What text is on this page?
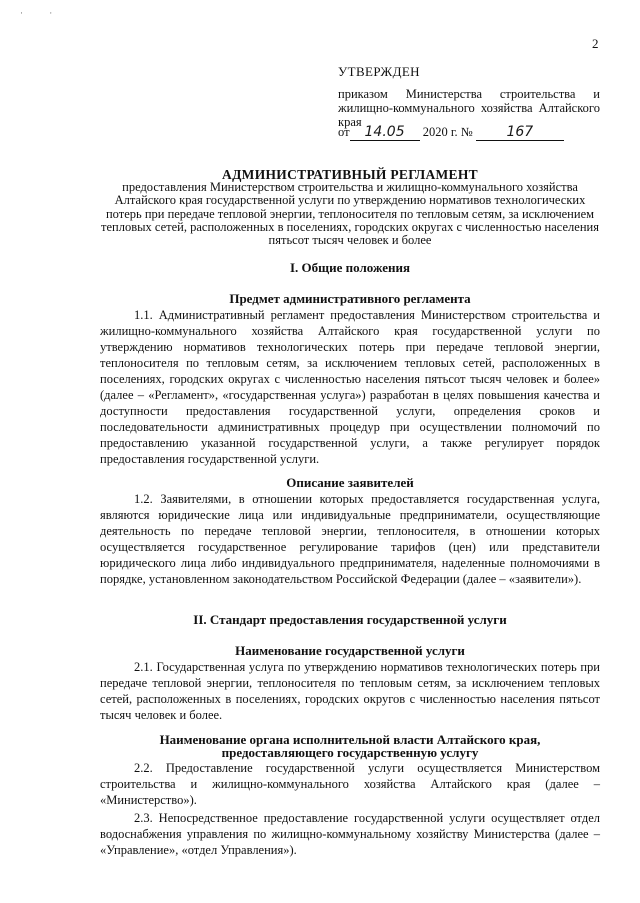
· ·
2
УТВЕРЖДЕН
приказом Министерства строительства и жилищно-коммунального хозяйства Алтайского края
от 14.05 2020 г. № 167
АДМИНИСТРАТИВНЫЙ РЕГЛАМЕНТ
предоставления Министерством строительства и жилищно-коммунального хозяйства Алтайского края государственной услуги по утверждению нормативов технологических потерь при передаче тепловой энергии, теплоносителя по тепловым сетям, за исключением тепловых сетей, расположенных в поселениях, городских округах с численностью населения пятьсот тысяч человек и более
I. Общие положения
Предмет административного регламента

1.1. Административный регламент предоставления Министерством строительства и жилищно-коммунального хозяйства Алтайского края государственной услуги по утверждению нормативов технологических потерь при передаче тепловой энергии, теплоносителя по тепловым сетям, за исключением тепловых сетей, расположенных в поселениях, городских округах с численностью населения пятьсот тысяч человек и более» (далее – «Регламент», «государственная услуга») разработан в целях повышения качества и доступности предоставления государственной услуги, определения сроков и последовательности административных процедур при осуществлении полномочий по предоставлению указанной государственной услуги, а также регулирует порядок предоставления государственной услуги.

Описание заявителей

1.2. Заявителями, в отношении которых предоставляется государственная услуга, являются юридические лица или индивидуальные предприниматели, осуществляющие деятельность по передаче тепловой энергии, теплоносителя, в отношении которых осуществляется государственное регулирование тарифов (цен) или представители юридического лица либо индивидуального предпринимателя, наделенные полномочиями в порядке, установленном законодательством Российской Федерации (далее – «заявители»).

II. Стандарт предоставления государственной услуги
Наименование государственной услуги

2.1. Государственная услуга по утверждению нормативов технологических потерь при передаче тепловой энергии, теплоносителя по тепловым сетям, за исключением тепловых сетей, расположенных в поселениях, городских округов с численностью населения пятьсот тысяч человек и более.

Наименование органа исполнительной власти Алтайского края,
предоставляющего государственную услугу

2.2. Предоставление государственной услуги осуществляется Министерством строительства и жилищно-коммунального хозяйства Алтайского края (далее – «Министерство»).

2.3. Непосредственное предоставление государственной услуги осуществляет отдел водоснабжения управления по жилищно-коммунальному хозяйству Министерства (далее – «Управление», «отдел Управления»).
